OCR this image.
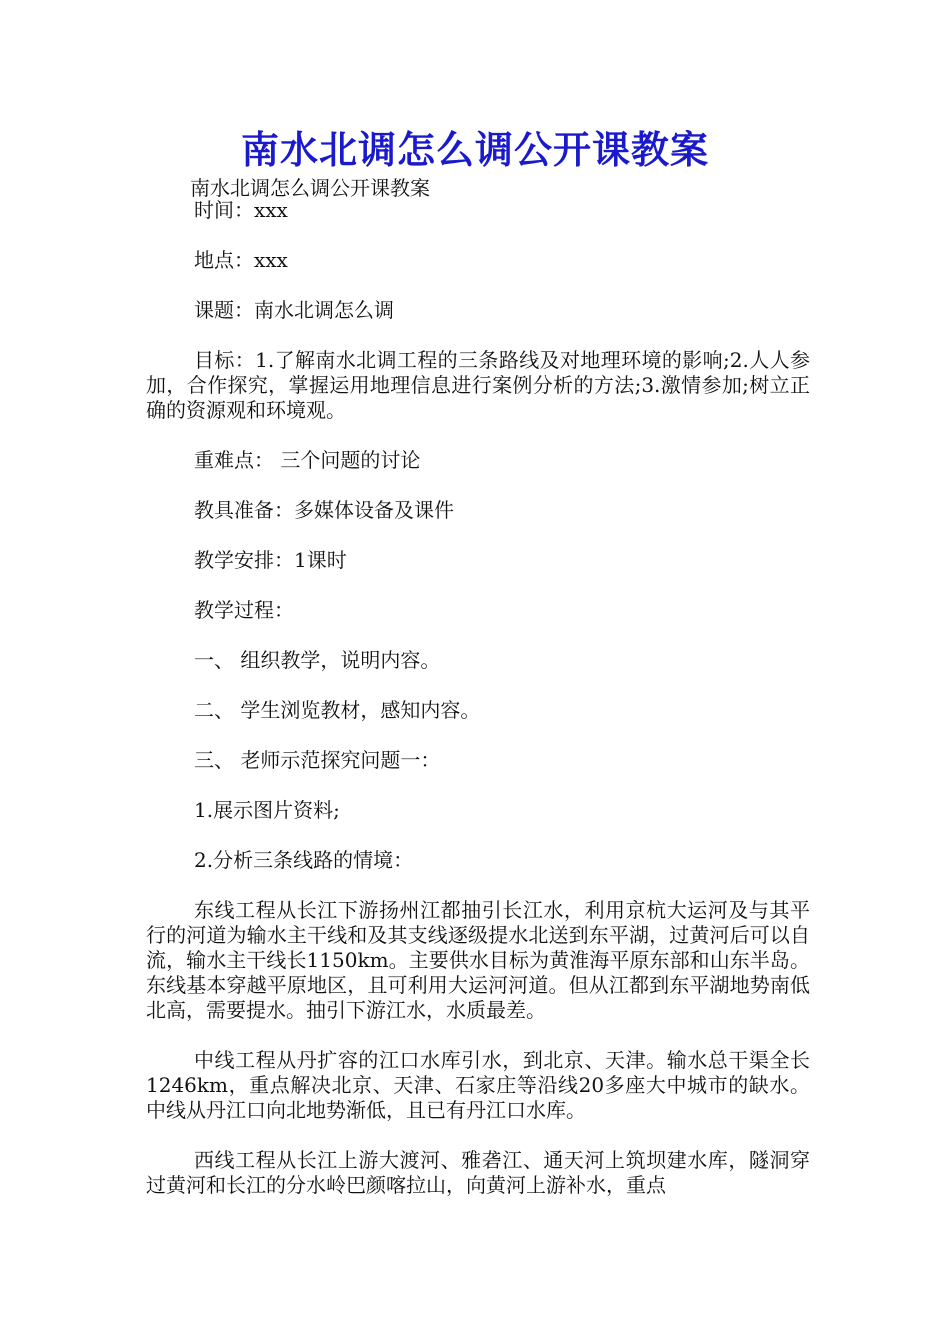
南水北调怎么调公开课教案

南水北调怎么调公开课教案

时间：xxx

地点：xxx

课题：南水北调怎么调

目标：1.了解南水北调工程的三条路线及对地理环境的影响;2.人人参加，合作探究，掌握运用地理信息进行案例分析的方法;3.激情参加;树立正确的资源观和环境观。

重难点： 三个问题的讨论

教具准备：多媒体设备及课件

教学安排：1课时

教学过程：

一、 组织教学，说明内容。

二、 学生浏览教材，感知内容。

三、 老师示范探究问题一：

1.展示图片资料;

2.分析三条线路的情境：

东线工程从长江下游扬州江都抽引长江水，利用京杭大运河及与其平行的河道为输水主干线和及其支线逐级提水北送到东平湖，过黄河后可以自流，输水主干线长1150km。主要供水目标为黄淮海平原东部和山东半岛。东线基本穿越平原地区，且可利用大运河河道。但从江都到东平湖地势南低北高，需要提水。抽引下游江水，水质最差。

中线工程从丹扩容的江口水库引水，到北京、天津。输水总干渠全长1246km，重点解决北京、天津、石家庄等沿线20多座大中城市的缺水。中线从丹江口向北地势渐低，且已有丹江口水库。

西线工程从长江上游大渡河、雅砻江、通天河上筑坝建水库，隧洞穿过黄河和长江的分水岭巴颜喀拉山，向黄河上游补水，重点
